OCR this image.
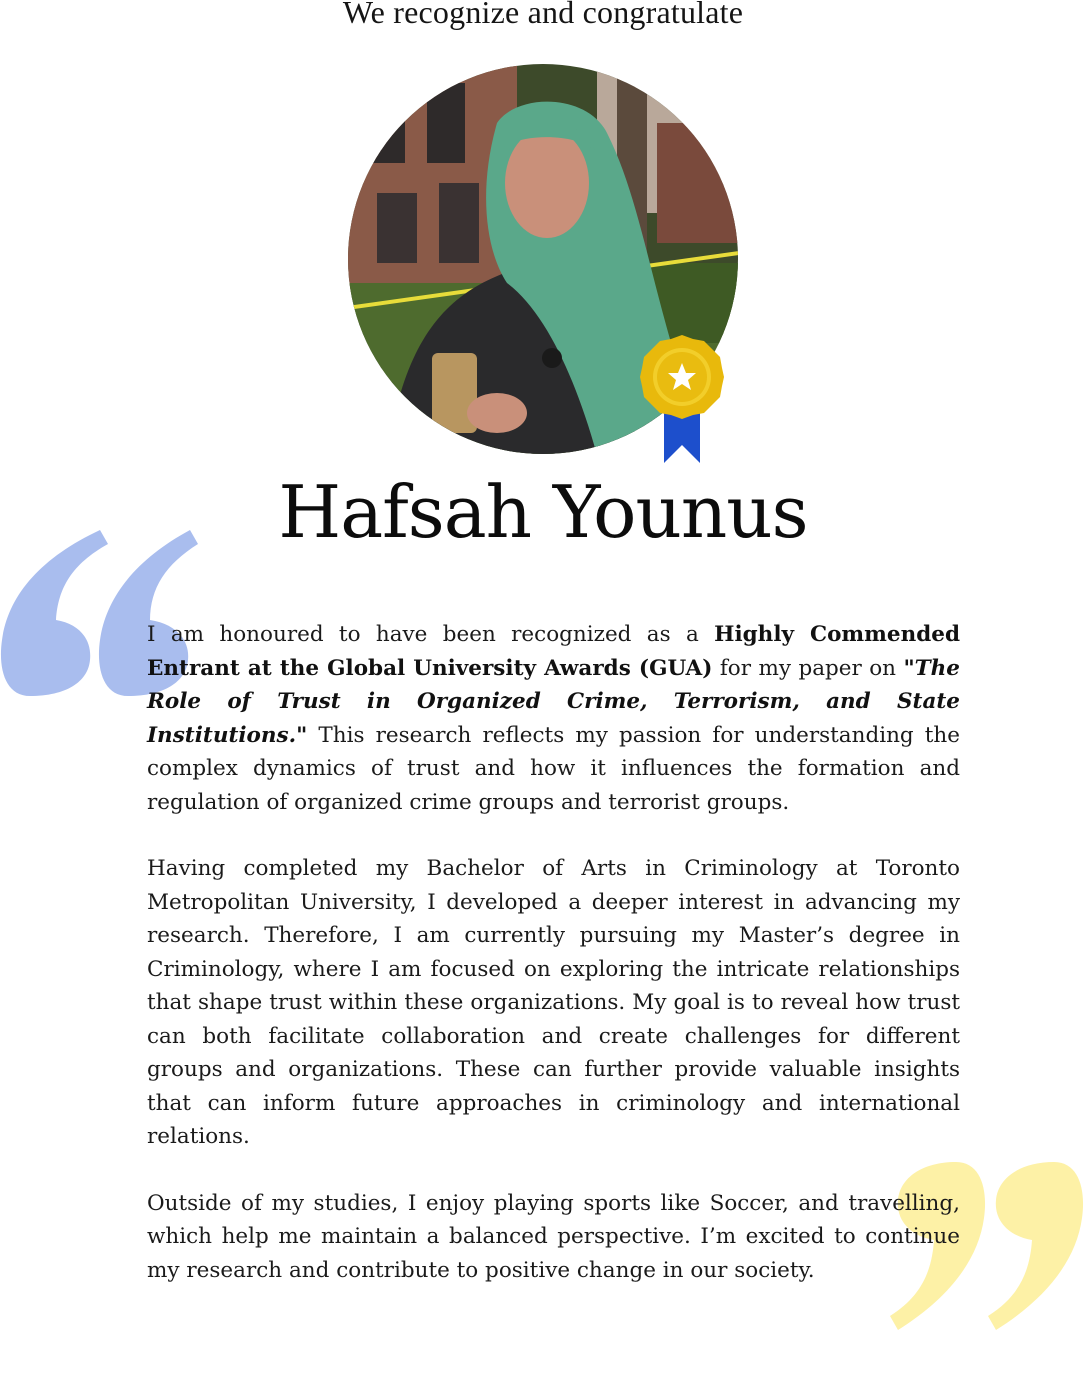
We recognize and congratulate
Hafsah Younus

I am honoured to have been recognized as a Highly Commended Entrant at the Global University Awards (GUA) for my paper on "The Role of Trust in Organized Crime, Terrorism, and State Institutions." This research reflects my passion for understanding the complex dynamics of trust and how it influences the formation and regulation of organized crime groups and terrorist groups.

Having completed my Bachelor of Arts in Criminology at Toronto Metropolitan University, I developed a deeper interest in advancing my research. Therefore, I am currently pursuing my Master’s degree in Criminology, where I am focused on exploring the intricate relationships that shape trust within these organizations. My goal is to reveal how trust can both facilitate collaboration and create challenges for different groups and organizations. These can further provide valuable insights that can inform future approaches in criminology and international relations.

Outside of my studies, I enjoy playing sports like Soccer, and travelling, which help me maintain a balanced perspective. I’m excited to continue my research and contribute to positive change in our society.
